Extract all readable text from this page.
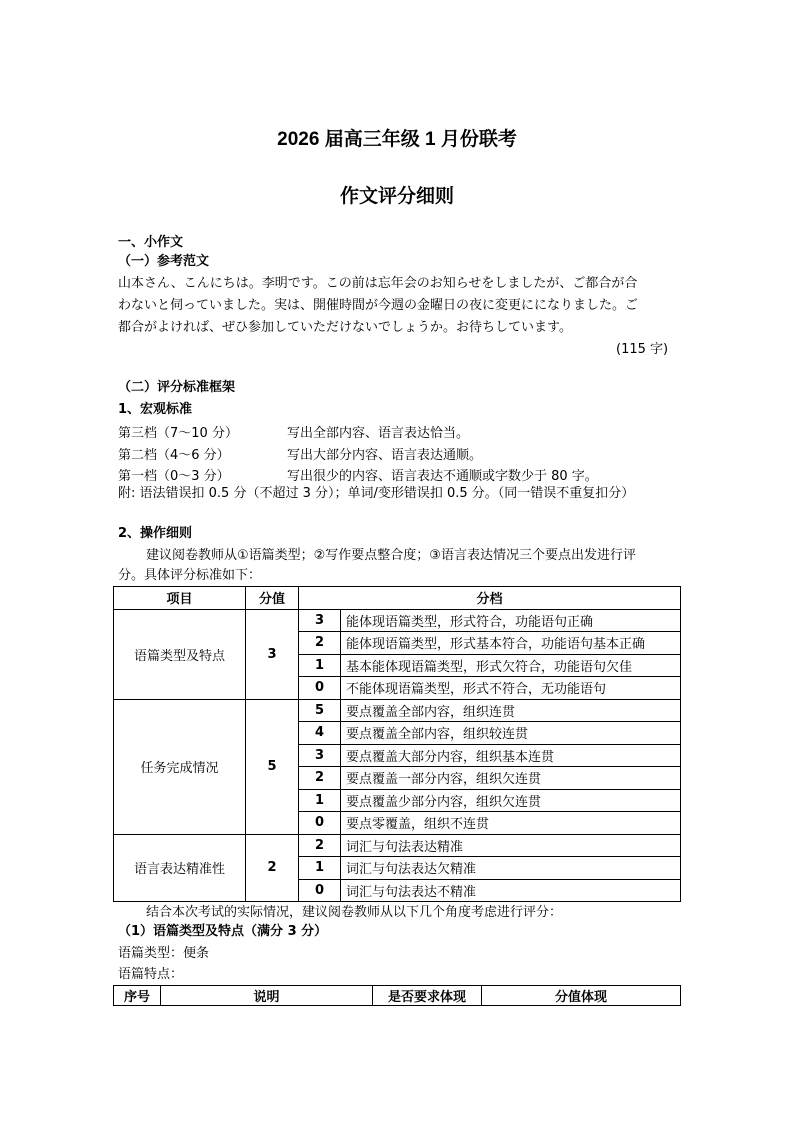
2026 届高三年级 1 月份联考
作文评分细则
一、小作文
（一）参考范文
山本さん、こんにちは。李明です。この前は忘年会のお知らせをしましたが、ご都合が合
わないと伺っていました。実は、開催時間が今週の金曜日の夜に変更にになりました。ご
都合がよければ、ぜひ参加していただけないでしょうか。お待ちしています。
(115 字)
（二）评分标准框架
1、宏观标准
第三档（7～10 分）	写出全部内容、语言表达恰当。
第二档（4～6 分）	写出大部分内容、语言表达通顺。
第一档（0～3 分）	写出很少的内容、语言表达不通顺或字数少于 80 字。
附: 语法错误扣 0.5 分（不超过 3 分）；单词/变形错误扣 0.5 分。（同一错误不重复扣分）
2、操作细则
建议阅卷教师从①语篇类型；②写作要点整合度；③语言表达情况三个要点出发进行评
分。具体评分标准如下：
项目	分值	分档	
语篇类型及特点	3	3	能体现语篇类型，形式符合，功能语句正确
		2	能体现语篇类型，形式基本符合，功能语句基本正确
		1	基本能体现语篇类型，形式欠符合，功能语句欠佳
		0	不能体现语篇类型，形式不符合，无功能语句
任务完成情况	5	5	要点覆盖全部内容，组织连贯
		4	要点覆盖全部内容，组织较连贯
		3	要点覆盖大部分内容，组织基本连贯
		2	要点覆盖一部分内容，组织欠连贯
		1	要点覆盖少部分内容，组织欠连贯
		0	要点零覆盖，组织不连贯
语言表达精准性	2	2	词汇与句法表达精准
		1	词汇与句法表达欠精准
		0	词汇与句法表达不精准
结合本次考试的实际情况，建议阅卷教师从以下几个角度考虑进行评分：
（1）语篇类型及特点（满分 3 分）
语篇类型：便条
语篇特点：
序号	说明	是否要求体现	分值体现
